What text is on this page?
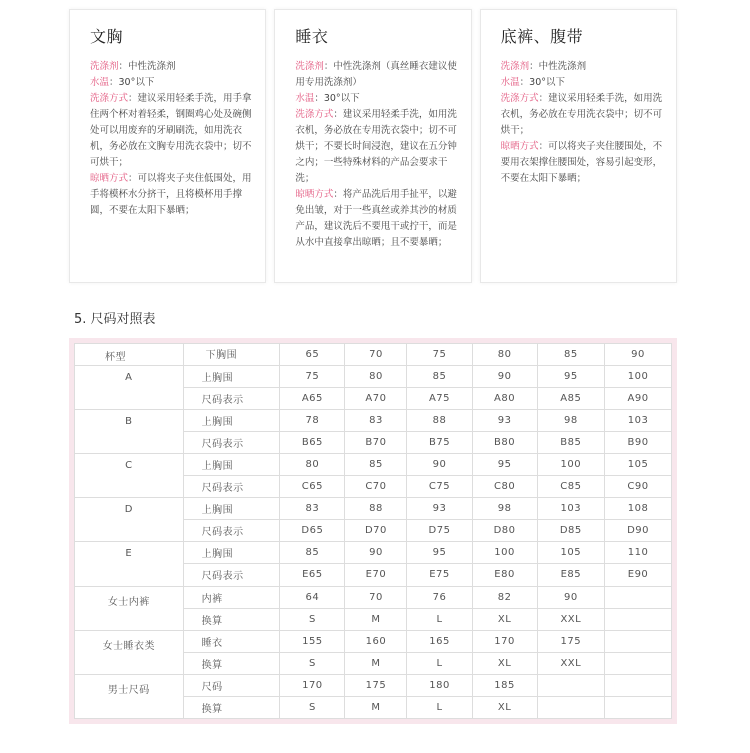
文胸

洗涤剂：中性洗涤剂

水温：30°以下

洗涤方式：建议采用轻柔手洗，用手拿住两个杯对着轻柔，钢圈鸡心处及碗侧处可以用废弃的牙刷刷洗，如用洗衣机，务必放在文胸专用洗衣袋中；切不可烘干；

晾晒方式：可以将夹子夹住低围处，用手将模杯水分挤干，且将模杯用手撑圆，不要在太阳下暴晒；

睡衣

洗涤剂：中性洗涤剂（真丝睡衣建议使用专用洗涤剂）

水温：30°以下

洗涤方式：建议采用轻柔手洗，如用洗衣机，务必放在专用洗衣袋中；切不可烘干；不要长时间浸泡，建议在五分钟之内；一些特殊材料的产品会要求干洗；

晾晒方式：将产品洗后用手扯平，以避免出皱，对于一些真丝或养其沙的材质产品，建议洗后不要甩干或拧干，而是从水中直接拿出晾晒；且不要暴晒；

底裤、腹带

洗涤剂：中性洗涤剂

水温：30°以下

洗涤方式：建议采用轻柔手洗，如用洗衣机，务必放在专用洗衣袋中；切不可烘干；

晾晒方式：可以将夹子夹住腰围处，不要用衣架撑住腰围处，容易引起变形，不要在太阳下暴晒；

5. 尺码对照表
杯型	下胸围	65	70	75	80	85	90
A	上胸围	75	80	85	90	95	100
	尺码表示	A65	A70	A75	A80	A85	A90
B	上胸围	78	83	88	93	98	103
	尺码表示	B65	B70	B75	B80	B85	B90
C	上胸围	80	85	90	95	100	105
	尺码表示	C65	C70	C75	C80	C85	C90
D	上胸围	83	88	93	98	103	108
	尺码表示	D65	D70	D75	D80	D85	D90
E	上胸围	85	90	95	100	105	110
	尺码表示	E65	E70	E75	E80	E85	E90
女士内裤	内裤	64	70	76	82	90	
	换算	S	M	L	XL	XXL	
女士睡衣类	睡衣	155	160	165	170	175	
	换算	S	M	L	XL	XXL	
男士尺码	尺码	170	175	180	185		
	换算	S	M	L	XL		
